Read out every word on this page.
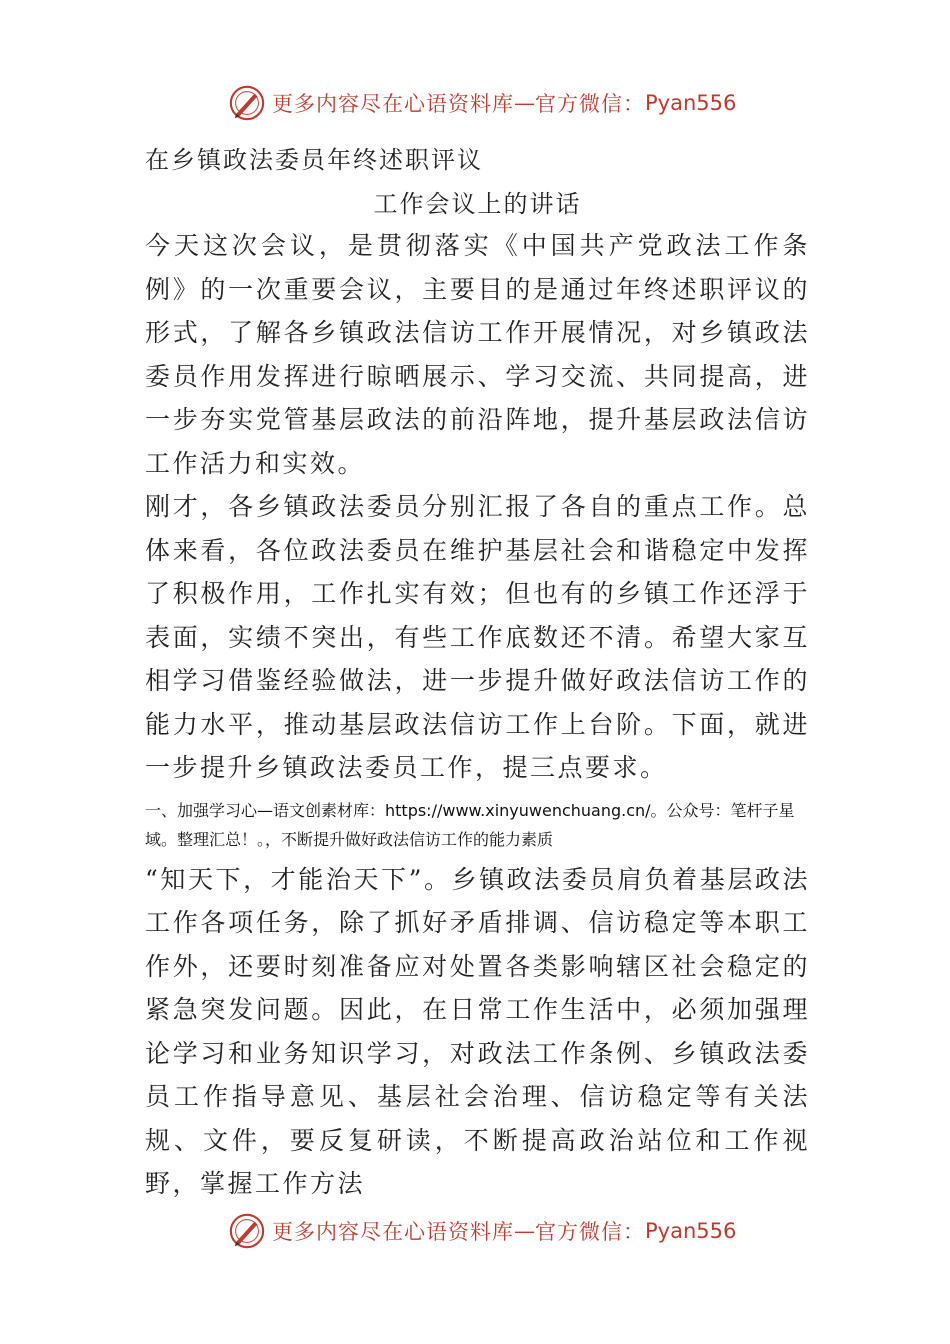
更多内容尽在心语资料库 — 官方微信： Pyan556

在乡镇政法委员年终述职评议

工作会议上的讲话

今天这次会议，是贯彻落实《中国共产党政法工作条例》的一次重要会议，主要目的是通过年终述职评议的形式，了解各乡镇政法信访工作开展情况，对乡镇政法委员作用发挥进行晾晒展示、学习交流、共同提高，进一步夯实党管基层政法的前沿阵地，提升基层政法信访工作活力和实效。

刚才，各乡镇政法委员分别汇报了各自的重点工作。总体来看，各位政法委员在维护基层社会和谐稳定中发挥了积极作用，工作扎实有效；但也有的乡镇工作还浮于表面，实绩不突出，有些工作底数还不清。希望大家互相学习借鉴经验做法，进一步提升做好政法信访工作的能力水平，推动基层政法信访工作上台阶。下面，就进一步提升乡镇政法委员工作，提三点要求。

一、加强学习心—语文创素材库：https://www.xinyuwenchuang.cn/。公众号：笔杆子星域。整理汇总！。，不断提升做好政法信访工作的能力素质

“知天下，才能治天下”。乡镇政法委员肩负着基层政法工作各项任务，除了抓好矛盾排调、信访稳定等本职工作外，还要时刻准备应对处置各类影响辖区社会稳定的紧急突发问题。因此，在日常工作生活中，必须加强理论学习和业务知识学习，对政法工作条例、乡镇政法委员工作指导意见、基层社会治理、信访稳定等有关法规、文件，要反复研读，不断提高政治站位和工作视野，掌握工作方法

更多内容尽在心语资料库 — 官方微信： Pyan556
